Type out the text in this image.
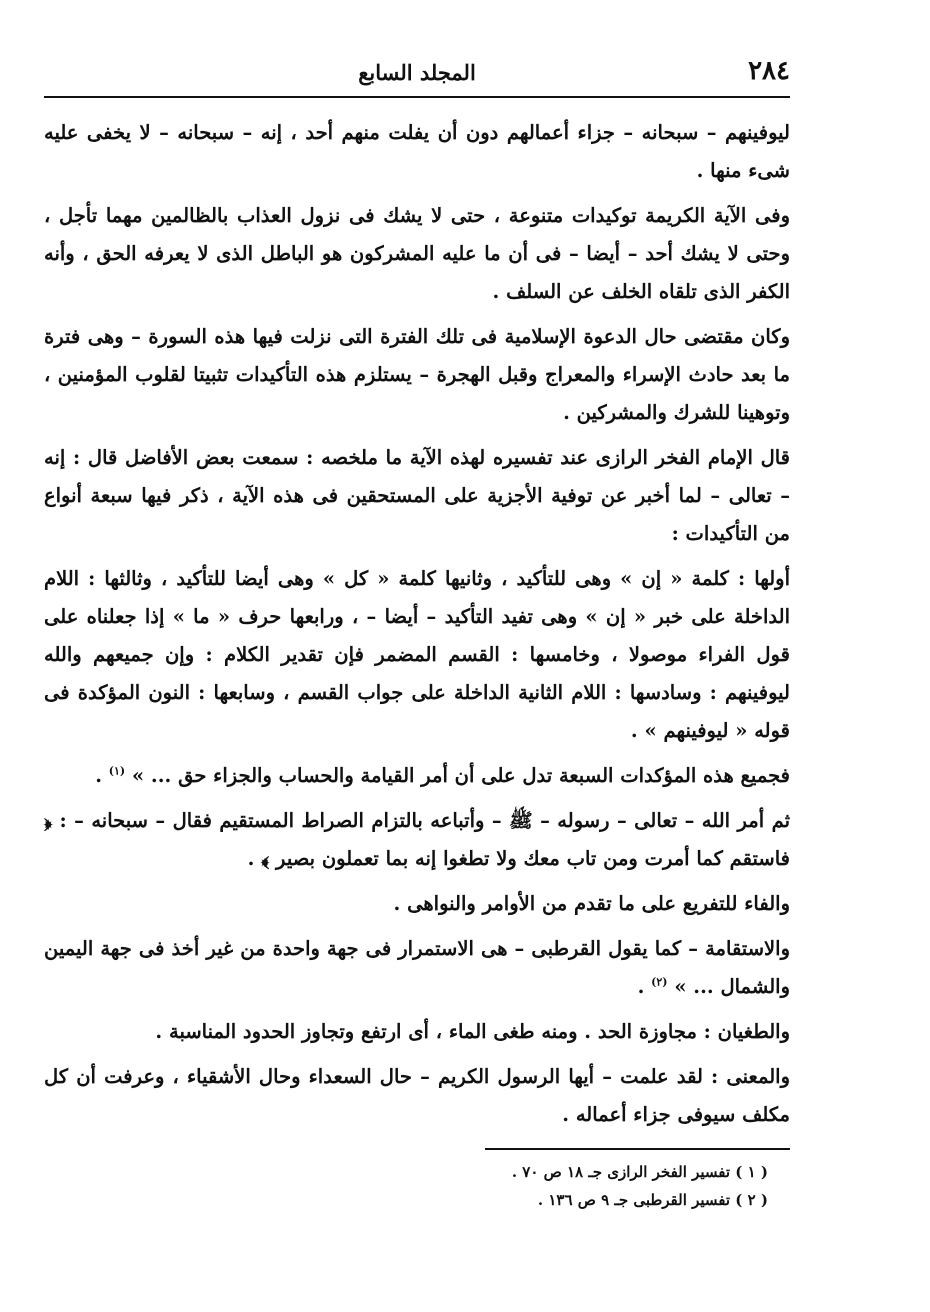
٢٨٤
المجلد السابع

ليوفينهم – سبحانه – جزاء أعمالهم دون أن يفلت منهم أحد ، إنه – سبحانه – لا يخفى عليه شىء منها .

وفى الآية الكريمة توكيدات متنوعة ، حتى لا يشك فى نزول العذاب بالظالمين مهما تأجل ، وحتى لا يشك أحد – أيضا – فى أن ما عليه المشركون هو الباطل الذى لا يعرفه الحق ، وأنه الكفر الذى تلقاه الخلف عن السلف .

وكان مقتضى حال الدعوة الإسلامية فى تلك الفترة التى نزلت فيها هذه السورة – وهى فترة ما بعد حادث الإسراء والمعراج وقبل الهجرة – يستلزم هذه التأكيدات تثبيتا لقلوب المؤمنين ، وتوهينا للشرك والمشركين .

قال الإمام الفخر الرازى عند تفسيره لهذه الآية ما ملخصه : سمعت بعض الأفاضل قال : إنه – تعالى – لما أخبر عن توفية الأجزية على المستحقين فى هذه الآية ، ذكر فيها سبعة أنواع من التأكيدات :

أولها : كلمة « إن » وهى للتأكيد ، وثانيها كلمة « كل » وهى أيضا للتأكيد ، وثالثها : اللام الداخلة على خبر « إن » وهى تفيد التأكيد – أيضا – ، ورابعها حرف « ما » إذا جعلناه على قول الفراء موصولا ، وخامسها : القسم المضمر فإن تقدير الكلام : وإن جميعهم والله ليوفينهم : وسادسها : اللام الثانية الداخلة على جواب القسم ، وسابعها : النون المؤكدة فى قوله « ليوفينهم » .

فجميع هذه المؤكدات السبعة تدل على أن أمر القيامة والحساب والجزاء حق ... » $^{(١)}$ .

ثم أمر الله – تعالى – رسوله – ﷺ – وأتباعه بالتزام الصراط المستقيم فقال – سبحانه – : ﴿ فاستقم كما أمرت ومن تاب معك ولا تطغوا إنه بما تعملون بصير ﴾ .

والفاء للتفريع على ما تقدم من الأوامر والنواهى .

والاستقامة – كما يقول القرطبى – هى الاستمرار فى جهة واحدة من غير أخذ فى جهة اليمين والشمال ... » $^{(٢)}$ .

والطغيان : مجاوزة الحد . ومنه طغى الماء ، أى ارتفع وتجاوز الحدود المناسبة .

والمعنى : لقد علمت – أيها الرسول الكريم – حال السعداء وحال الأشقياء ، وعرفت أن كل مكلف سيوفى جزاء أعماله .

( ١ ) تفسير الفخر الرازى جـ ١٨ ص ٧٠ .

( ٢ ) تفسير القرطبى جـ ٩ ص ١٣٦ .
